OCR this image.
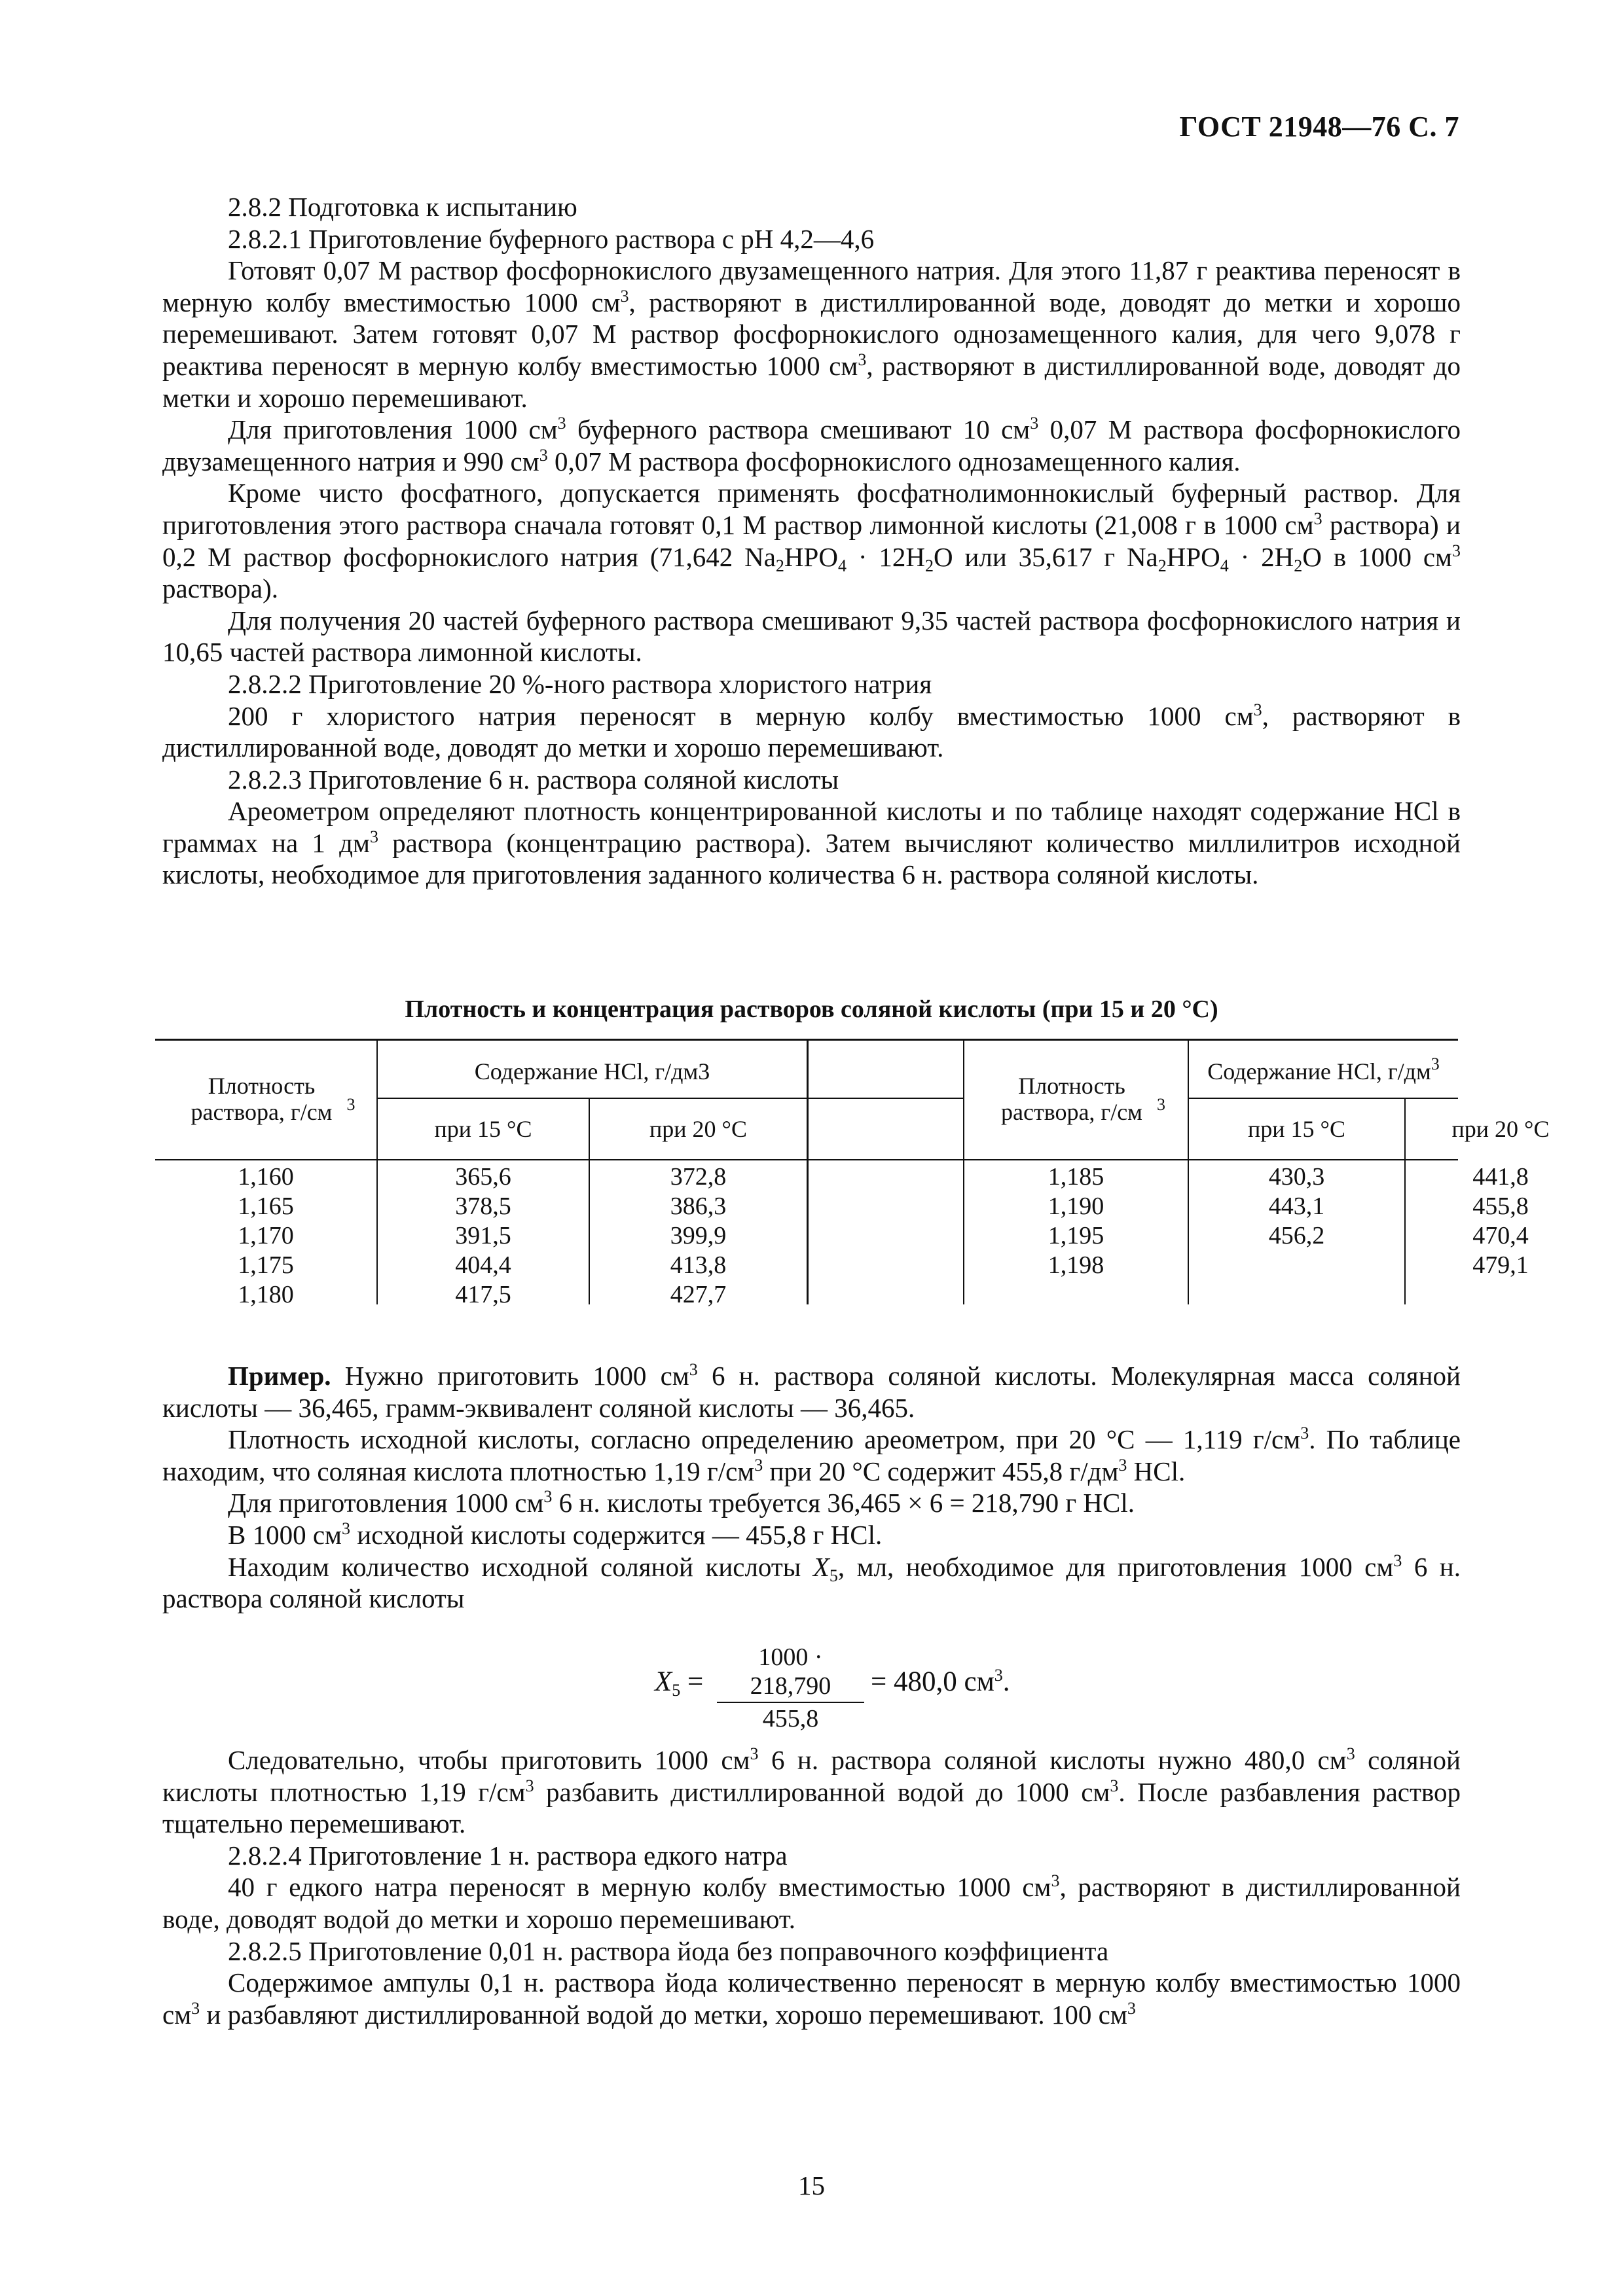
ГОСТ 21948—76 С. 7

2.8.2 Подготовка к испытанию

2.8.2.1 Приготовление буферного раствора с pH 4,2—4,6

Готовят 0,07 М раствор фосфорнокислого двузамещенного натрия. Для этого 11,87 г реактива переносят в мерную колбу вместимостью 1000 $см^3$, растворяют в дистиллированной воде, доводят до метки и хорошо перемешивают. Затем готовят 0,07 М раствор фосфорнокислого однозамещенного калия, для чего 9,078 г реактива переносят в мерную колбу вместимостью 1000 $см^3$, растворяют в дистиллированной воде, доводят до метки и хорошо перемешивают.

Для приготовления 1000 $см^3$ буферного раствора смешивают 10 $см^3$ 0,07 М раствора фосфорнокислого двузамещенного натрия и 990 $см^3$ 0,07 М раствора фосфорнокислого однозамещенного калия.

Кроме чисто фосфатного, допускается применять фосфатнолимоннокислый буферный раствор. Для приготовления этого раствора сначала готовят 0,1 М раствор лимонной кислоты (21,008 г в 1000 $см^3$ раствора) и 0,2 М раствор фосфорнокислого натрия (71,642 $Na_2HPO_4 \cdot 12H_2O$ или 35,617 г $Na_2HPO_4 \cdot 2H_2O$ в 1000 $см^3$ раствора).

Для получения 20 частей буферного раствора смешивают 9,35 частей раствора фосфорнокислого натрия и 10,65 частей раствора лимонной кислоты.

2.8.2.2 Приготовление 20 %-ного раствора хлористого натрия

200 г хлористого натрия переносят в мерную колбу вместимостью 1000 $см^3$, растворяют в дистиллированной воде, доводят до метки и хорошо перемешивают.

2.8.2.3 Приготовление 6 н. раствора соляной кислоты

Ареометром определяют плотность концентрированной кислоты и по таблице находят содержание HCl в граммах на 1 $дм^3$ раствора (концентрацию раствора). Затем вычисляют количество миллилитров исходной кислоты, необходимое для приготовления заданного количества 6 н. раствора соляной кислоты.

Плотность и концентрация растворов соляной кислоты (при 15 и 20 °С)
Плотность раствора, г/см $^3$
Содержание HCl, г/дм3
при 15 °С	при 20 °С
Плотность раствора, г/см $^3$
Содержание HCl, $г/дм^3$
при 15 °С	при 20 °С
1,160
1,165
1,170
1,175
1,180
365,6
378,5
391,5
404,4
417,5
372,8
386,3
399,9
413,8
427,7
1,185
1,190
1,195
1,198
430,3
443,1
456,2
441,8
455,8
470,4
479,1

Пример. Нужно приготовить 1000 $см^3$ 6 н. раствора соляной кислоты. Молекулярная масса соляной кислоты — 36,465, грамм-эквивалент соляной кислоты — 36,465.

Плотность исходной кислоты, согласно определению ареометром, при 20 °С — 1,119 $г/см^3$. По таблице находим, что соляная кислота плотностью 1,19 $г/см^3$ при 20 °С содержит 455,8 $г/дм^3$ HCl.

Для приготовления 1000 $см^3$ 6 н. кислоты требуется 36,465 × 6 = 218,790 г HCl.

В 1000 $см^3$ исходной кислоты содержится — 455,8 г HCl.

Находим количество исходной соляной кислоты $X_5$, мл, необходимое для приготовления 1000 $см^3$ 6 н. раствора соляной кислоты

$X_5 = \frac{1000 \cdot 218,790}{455,8} = 480,0$ $см^3$.

Следовательно, чтобы приготовить 1000 $см^3$ 6 н. раствора соляной кислоты нужно 480,0 $см^3$ соляной кислоты плотностью 1,19 $г/см^3$ разбавить дистиллированной водой до 1000 $см^3$. После разбавления раствор тщательно перемешивают.

2.8.2.4 Приготовление 1 н. раствора едкого натра

40 г едкого натра переносят в мерную колбу вместимостью 1000 $см^3$, растворяют в дистиллированной воде, доводят водой до метки и хорошо перемешивают.

2.8.2.5 Приготовление 0,01 н. раствора йода без поправочного коэффициента

Содержимое ампулы 0,1 н. раствора йода количественно переносят в мерную колбу вместимостью 1000 $см^3$ и разбавляют дистиллированной водой до метки, хорошо перемешивают. 100 $см^3$

15
